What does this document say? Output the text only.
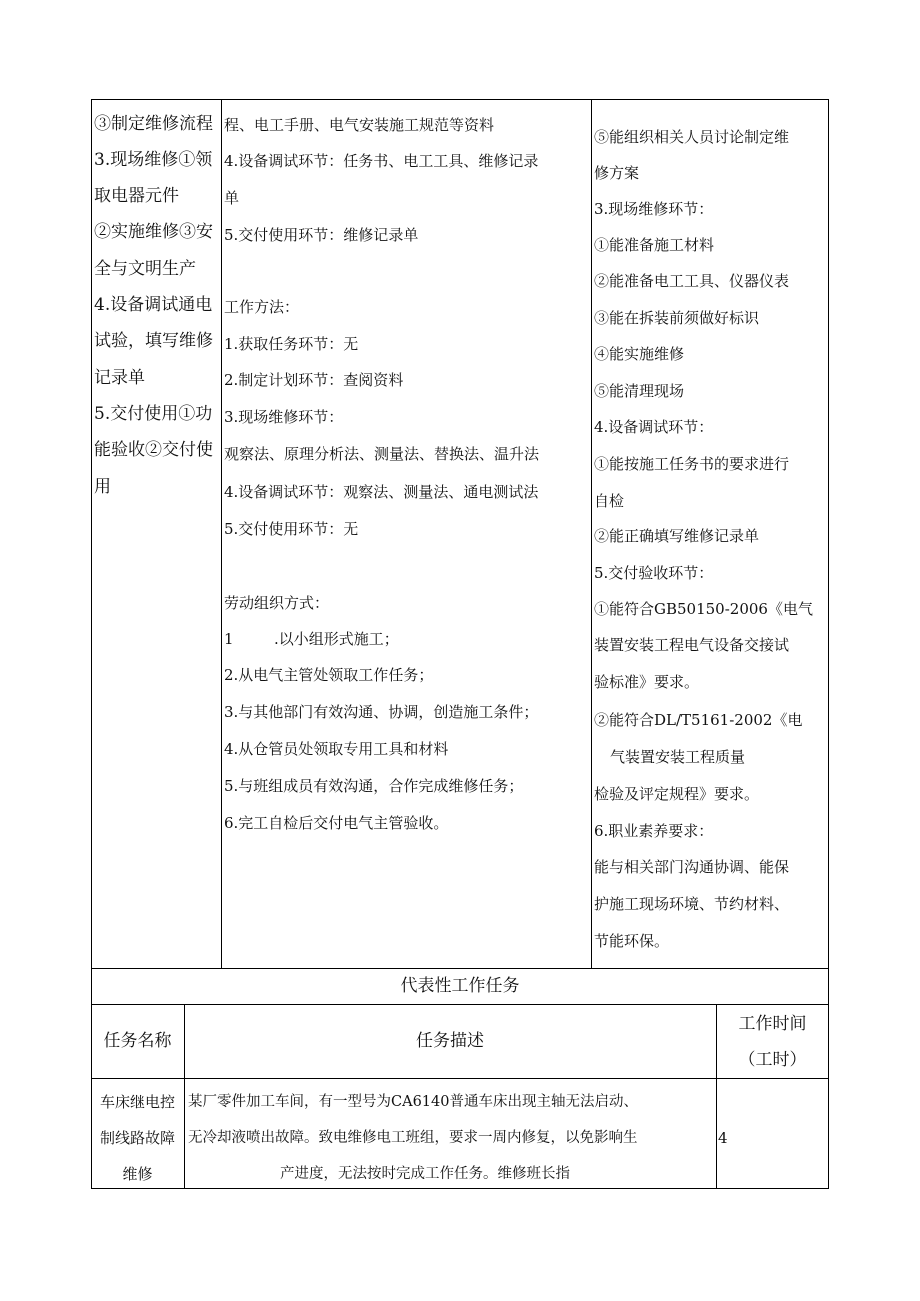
③制定维修流程
3.现场维修①领
取电器元件
②实施维修③安
全与文明生产
4.设备调试通电
试验，填写维修
记录单
5.交付使用①功
能验收②交付使
用
程、电工手册、电气安装施工规范等资料
4.设备调试环节：任务书、电工工具、维修记录
单
5.交付使用环节：维修记录单
工作方法：
1.获取任务环节：无
2.制定计划环节：查阅资料
3.现场维修环节：
观察法、原理分析法、测量法、替换法、温升法
4.设备调试环节：观察法、测量法、通电测试法
5.交付使用环节：无
劳动组织方式：
1	.以小组形式施工；
2.从电气主管处领取工作任务；
3.与其他部门有效沟通、协调，创造施工条件；
4.从仓管员处领取专用工具和材料
5.与班组成员有效沟通，合作完成维修任务；
6.完工自检后交付电气主管验收。
⑤能组织相关人员讨论制定维
修方案
3.现场维修环节：
①能准备施工材料
②能准备电工工具、仪器仪表
③能在拆装前须做好标识
④能实施维修
⑤能清理现场
4.设备调试环节：
①能按施工任务书的要求进行
自检
②能正确填写维修记录单
5.交付验收环节：
①能符合GB50150-2006《电气
装置安装工程电气设备交接试
验标准》要求。
②能符合DL/T5161-2002《电
气装置安装工程质量
检验及评定规程》要求。
6.职业素养要求：
能与相关部门沟通协调、能保
护施工现场环境、节约材料、
节能环保。
代表性工作任务
任务名称	任务描述
工作时间
（工时）
车床继电控
制线路故障
维修
某厂零件加工车间，有一型号为CA6140普通车床出现主轴无法启动、
无冷却液喷出故障。致电维修电工班组，要求一周内修复，以免影响生
产进度，无法按时完成工作任务。维修班长指
4
